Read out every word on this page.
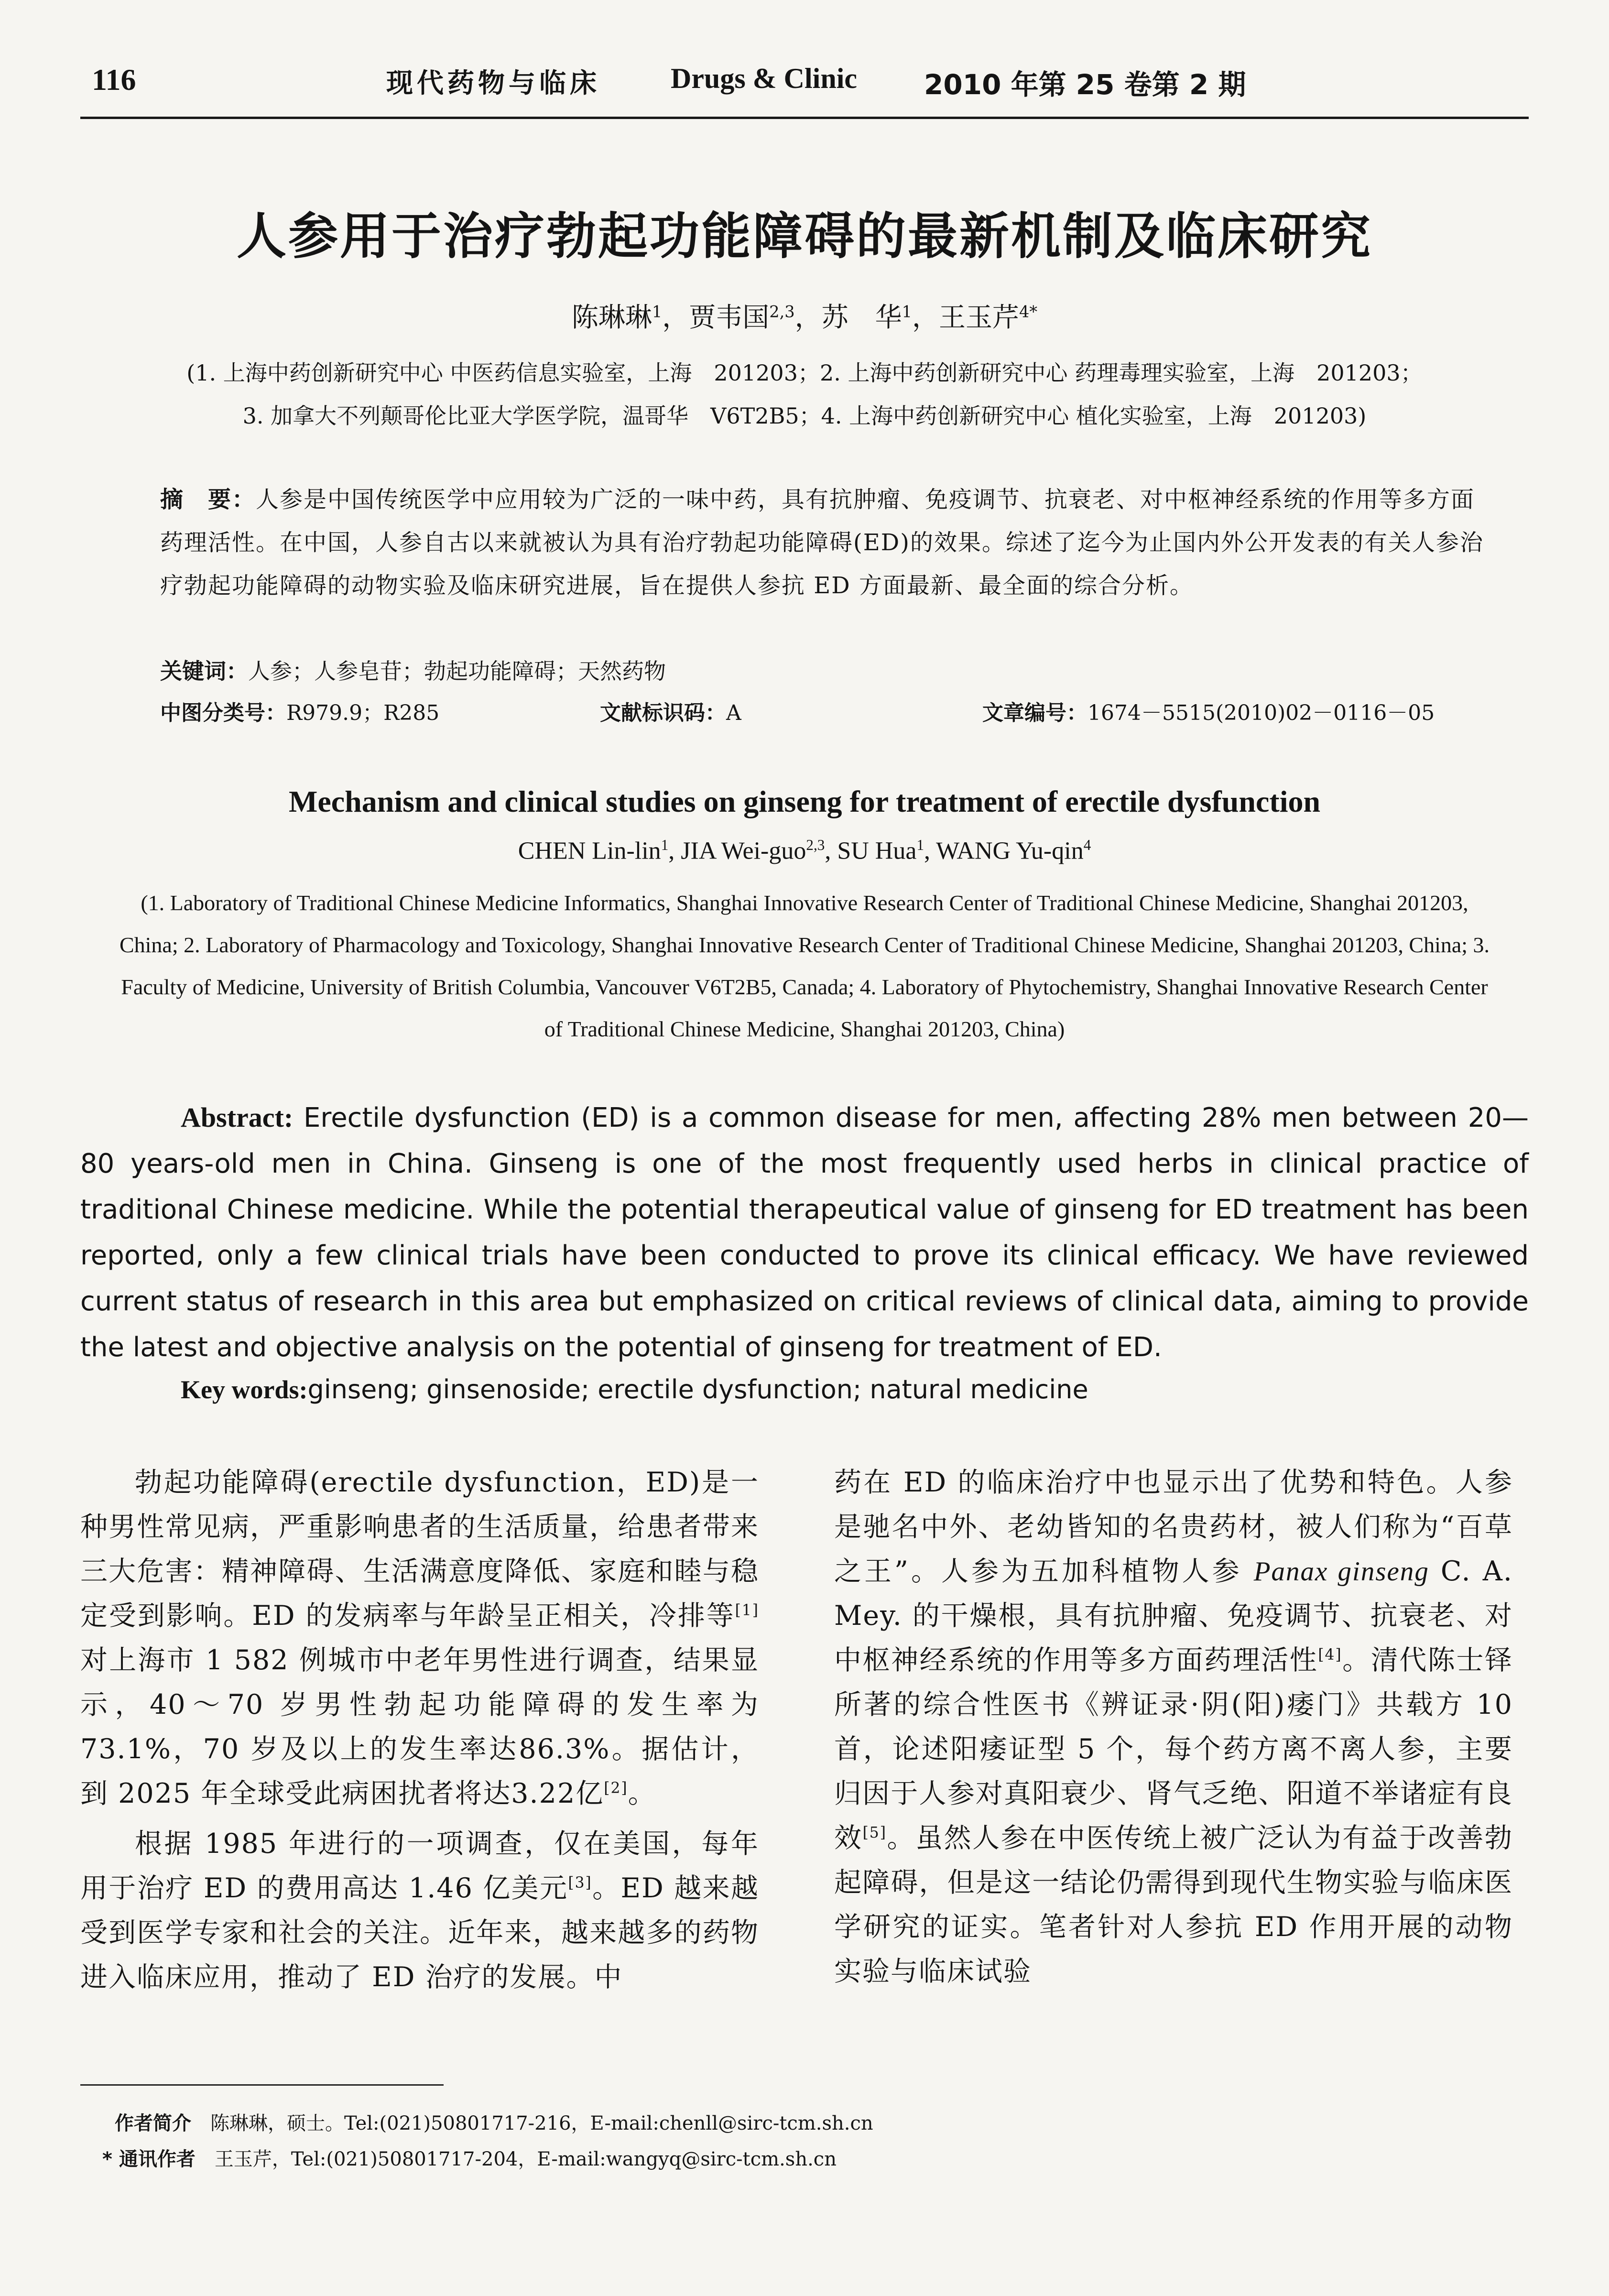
116	现代药物与临床 Drugs & Clinic 2010 年第 25 卷第 2 期
人参用于治疗勃起功能障碍的最新机制及临床研究
陈琳琳$^1$，贾韦国$^{2,3}$，苏　华$^1$，王玉芹$^{4*}$
(1. 上海中药创新研究中心 中医药信息实验室，上海　201203；2. 上海中药创新研究中心 药理毒理实验室，上海　201203；
3. 加拿大不列颠哥伦比亚大学医学院，温哥华　V6T2B5；4. 上海中药创新研究中心 植化实验室，上海　201203)
摘　要：人参是中国传统医学中应用较为广泛的一味中药，具有抗肿瘤、免疫调节、抗衰老、对中枢神经系统的作用等多方面药理活性。在中国，人参自古以来就被认为具有治疗勃起功能障碍(ED)的效果。综述了迄今为止国内外公开发表的有关人参治疗勃起功能障碍的动物实验及临床研究进展，旨在提供人参抗 ED 方面最新、最全面的综合分析。
关键词：人参；人参皂苷；勃起功能障碍；天然药物
中图分类号：R979.9；R285	文献标识码：A	文章编号：1674－5515(2010)02－0116－05
Mechanism and clinical studies on ginseng for treatment of erectile dysfunction
CHEN Lin-lin$^1$, JIA Wei-guo$^{2,3}$, SU Hua$^1$, WANG Yu-qin$^4$
(1. Laboratory of Traditional Chinese Medicine Informatics, Shanghai Innovative Research Center of Traditional Chinese Medicine, Shanghai 201203, China; 2. Laboratory of Pharmacology and Toxicology, Shanghai Innovative Research Center of Traditional Chinese Medicine, Shanghai 201203, China; 3. Faculty of Medicine, University of British Columbia, Vancouver V6T2B5, Canada; 4. Laboratory of Phytochemistry, Shanghai Innovative Research Center of Traditional Chinese Medicine, Shanghai 201203, China)
Abstract: Erectile dysfunction (ED) is a common disease for men, affecting 28% men between 20—80 years-old men in China. Ginseng is one of the most frequently used herbs in clinical practice of traditional Chinese medicine. While the potential therapeutical value of ginseng for ED treatment has been reported, only a few clinical trials have been conducted to prove its clinical efficacy. We have reviewed current status of research in this area but emphasized on critical reviews of clinical data, aiming to provide the latest and objective analysis on the potential of ginseng for treatment of ED.
Key words:ginseng; ginsenoside; erectile dysfunction; natural medicine

勃起功能障碍(erectile dysfunction，ED)是一种男性常见病，严重影响患者的生活质量，给患者带来三大危害：精神障碍、生活满意度降低、家庭和睦与稳定受到影响。ED 的发病率与年龄呈正相关，冷排等[1]对上海市 1 582 例城市中老年男性进行调查，结果显示，40～70 岁男性勃起功能障碍的发生率为 73.1%，70 岁及以上的发生率达86.3%。据估计，到 2025 年全球受此病困扰者将达3.22亿[2]。

根据 1985 年进行的一项调查，仅在美国，每年用于治疗 ED 的费用高达 1.46 亿美元[3]。ED 越来越受到医学专家和社会的关注。近年来，越来越多的药物进入临床应用，推动了 ED 治疗的发展。中

药在 ED 的临床治疗中也显示出了优势和特色。人参是驰名中外、老幼皆知的名贵药材，被人们称为“百草之王”。人参为五加科植物人参 Panax ginseng C. A. Mey. 的干燥根，具有抗肿瘤、免疫调节、抗衰老、对中枢神经系统的作用等多方面药理活性[4]。清代陈士铎所著的综合性医书《辨证录·阴(阳)痿门》共载方 10 首，论述阳痿证型 5 个，每个药方离不离人参，主要归因于人参对真阳衰少、肾气乏绝、阳道不举诸症有良效[5]。虽然人参在中医传统上被广泛认为有益于改善勃起障碍，但是这一结论仍需得到现代生物实验与临床医学研究的证实。笔者针对人参抗 ED 作用开展的动物实验与临床试验

作者简介　 陈琳琳，硕士。Tel:(021)50801717-216，E-mail:chenll@sirc-tcm.sh.cn
* 通讯作者　 王玉芹，Tel:(021)50801717-204，E-mail:wangyq@sirc-tcm.sh.cn
